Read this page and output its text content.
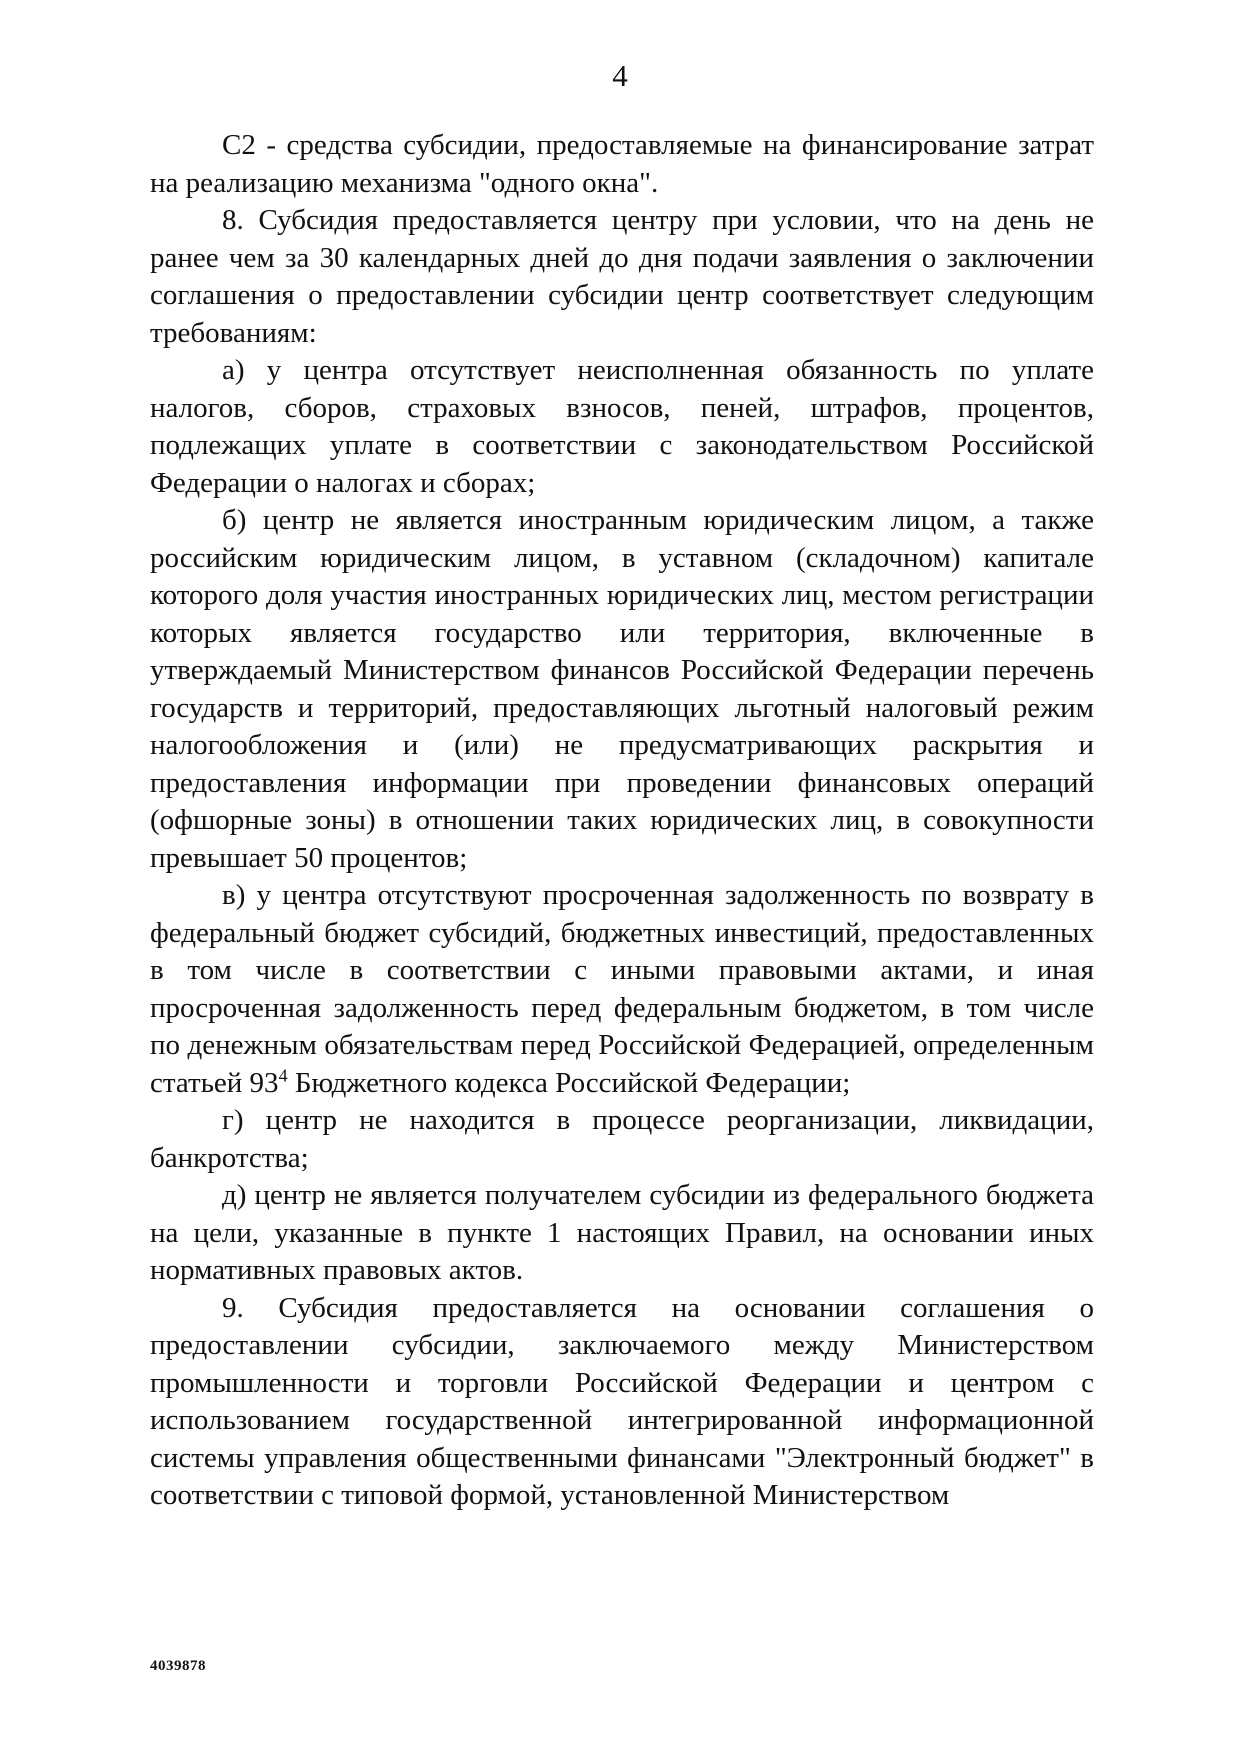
4

С2 - средства субсидии, предоставляемые на финансирование затрат на реализацию механизма "одного окна".

8. Субсидия предоставляется центру при условии, что на день не ранее чем за 30 календарных дней до дня подачи заявления о заключении соглашения о предоставлении субсидии центр соответствует следующим требованиям:

а) у центра отсутствует неисполненная обязанность по уплате налогов, сборов, страховых взносов, пеней, штрафов, процентов, подлежащих уплате в соответствии с законодательством Российской Федерации о налогах и сборах;

б) центр не является иностранным юридическим лицом, а также российским юридическим лицом, в уставном (складочном) капитале которого доля участия иностранных юридических лиц, местом регистрации которых является государство или территория, включенные в утверждаемый Министерством финансов Российской Федерации перечень государств и территорий, предоставляющих льготный налоговый режим налогообложения и (или) не предусматривающих раскрытия и предоставления информации при проведении финансовых операций (офшорные зоны) в отношении таких юридических лиц, в совокупности превышает 50 процентов;

в) у центра отсутствуют просроченная задолженность по возврату в федеральный бюджет субсидий, бюджетных инвестиций, предоставленных в том числе в соответствии с иными правовыми актами, и иная просроченная задолженность перед федеральным бюджетом, в том числе по денежным обязательствам перед Российской Федерацией, определенным статьей $93^4$ Бюджетного кодекса Российской Федерации;

г) центр не находится в процессе реорганизации, ликвидации, банкротства;

д) центр не является получателем субсидии из федерального бюджета на цели, указанные в пункте 1 настоящих Правил, на основании иных нормативных правовых актов.

9. Субсидия предоставляется на основании соглашения о предоставлении субсидии, заключаемого между Министерством промышленности и торговли Российской Федерации и центром с использованием государственной интегрированной информационной системы управления общественными финансами "Электронный бюджет" в соответствии с типовой формой, установленной Министерством

4039878
